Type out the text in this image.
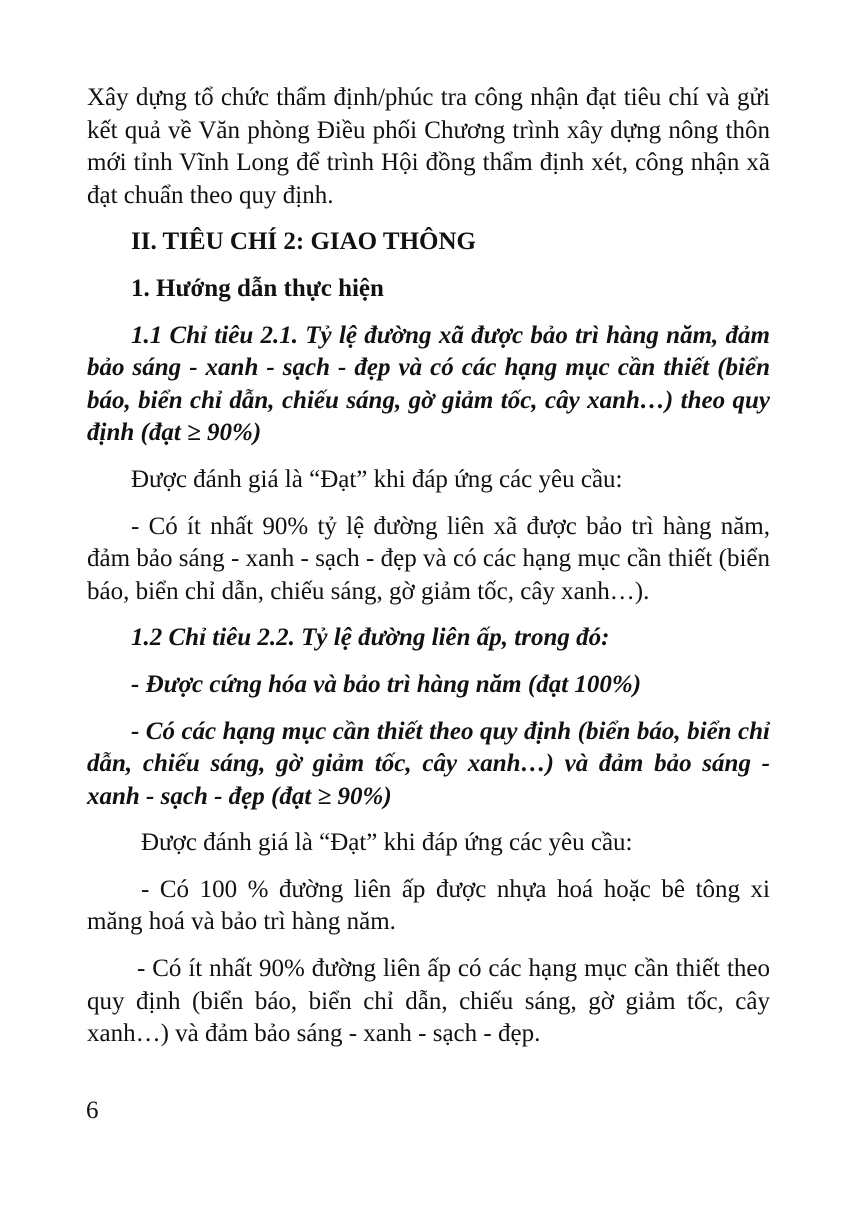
Xây dựng tổ chức thẩm định/phúc tra công nhận đạt tiêu chí và gửi kết quả về Văn phòng Điều phối Chương trình xây dựng nông thôn mới tỉnh Vĩnh Long để trình Hội đồng thẩm định xét, công nhận xã đạt chuẩn theo quy định.

II. TIÊU CHÍ 2: GIAO THÔNG

1. Hướng dẫn thực hiện

1.1 Chỉ tiêu 2.1. Tỷ lệ đường xã được bảo trì hàng năm, đảm bảo sáng - xanh - sạch - đẹp và có các hạng mục cần thiết (biển báo, biển chỉ dẫn, chiếu sáng, gờ giảm tốc, cây xanh…) theo quy định (đạt ≥ 90%)

Được đánh giá là “Đạt” khi đáp ứng các yêu cầu:

- Có ít nhất 90% tỷ lệ đường liên xã được bảo trì hàng năm, đảm bảo sáng - xanh - sạch - đẹp và có các hạng mục cần thiết (biển báo, biển chỉ dẫn, chiếu sáng, gờ giảm tốc, cây xanh…).

1.2 Chỉ tiêu 2.2. Tỷ lệ đường liên ấp, trong đó:

- Được cứng hóa và bảo trì hàng năm (đạt 100%)

- Có các hạng mục cần thiết theo quy định (biển báo, biển chỉ dẫn, chiếu sáng, gờ giảm tốc, cây xanh…) và đảm bảo sáng - xanh - sạch - đẹp (đạt ≥ 90%)

Được đánh giá là “Đạt” khi đáp ứng các yêu cầu:

- Có 100 % đường liên ấp được nhựa hoá hoặc bê tông xi măng hoá và bảo trì hàng năm.

- Có ít nhất 90% đường liên ấp có các hạng mục cần thiết theo quy định (biển báo, biển chỉ dẫn, chiếu sáng, gờ giảm tốc, cây xanh…) và đảm bảo sáng - xanh - sạch - đẹp.

6
